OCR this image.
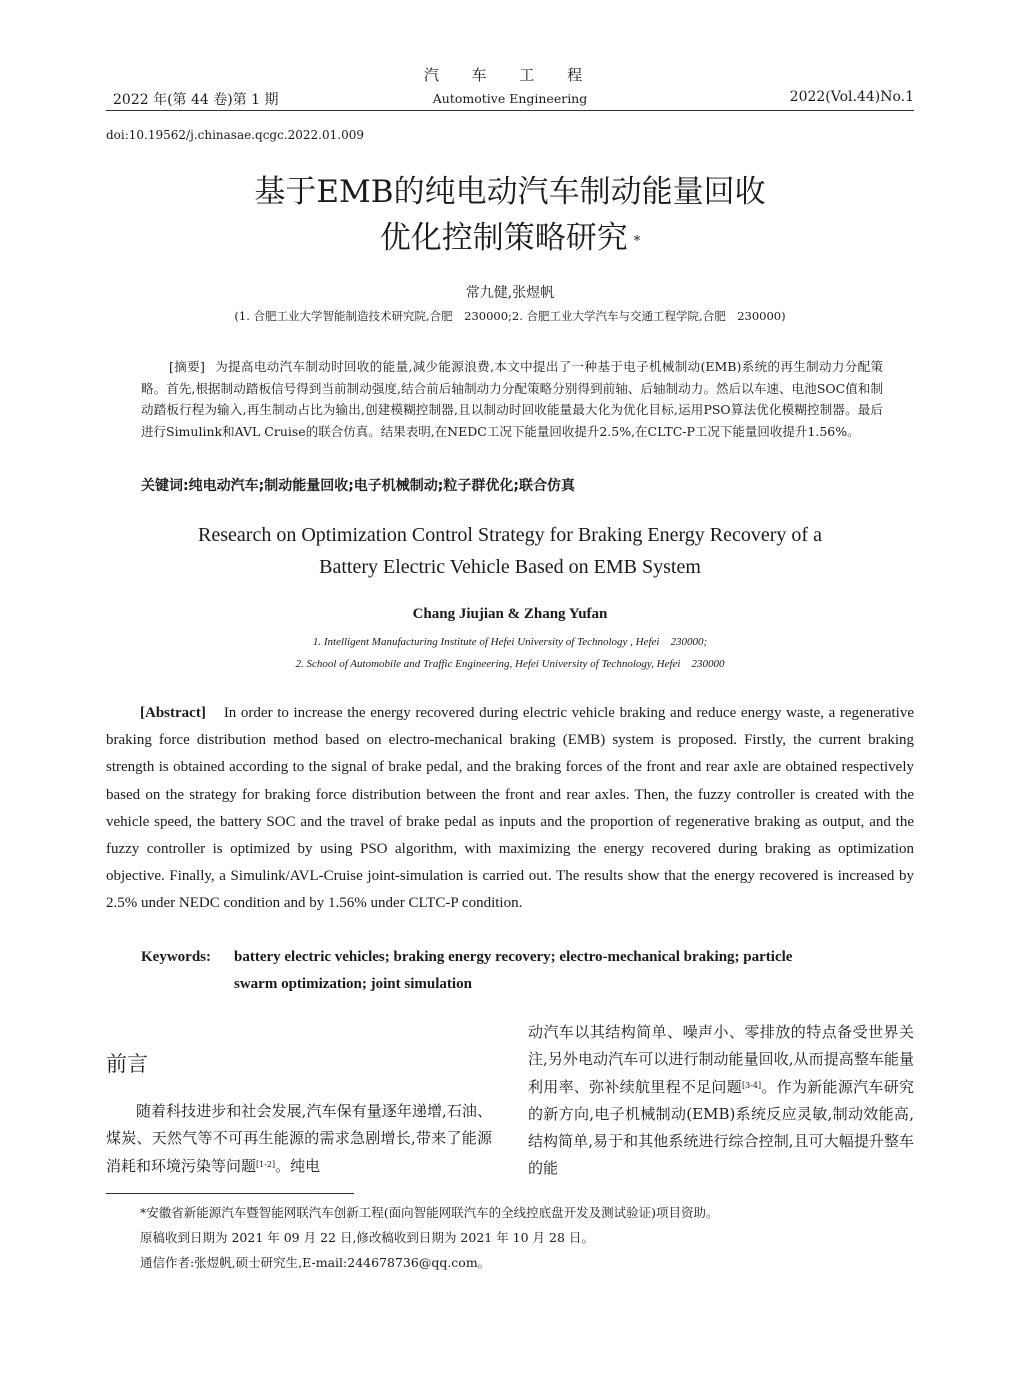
汽 车 工 程
2022 年(第 44 卷)第 1 期	Automotive Engineering	2022(Vol.44)No.1
doi:10.19562/j.chinasae.qcgc.2022.01.009
基于EMB的纯电动汽车制动能量回收
优化控制策略研究 *
常九健,张煜帆
(1. 合肥工业大学智能制造技术研究院,合肥　230000;2. 合肥工业大学汽车与交通工程学院,合肥　230000)
[摘要] 为提高电动汽车制动时回收的能量,减少能源浪费,本文中提出了一种基于电子机械制动(EMB)系统的再生制动力分配策略。首先,根据制动踏板信号得到当前制动强度,结合前后轴制动力分配策略分别得到前轴、后轴制动力。然后以车速、电池SOC值和制动踏板行程为输入,再生制动占比为输出,创建模糊控制器,且以制动时回收能量最大化为优化目标,运用PSO算法优化模糊控制器。最后进行Simulink和AVL Cruise的联合仿真。结果表明,在NEDC工况下能量回收提升2.5%,在CLTC-P工况下能量回收提升1.56%。
关键词:纯电动汽车;制动能量回收;电子机械制动;粒子群优化;联合仿真
Research on Optimization Control Strategy for Braking Energy Recovery of a
Battery Electric Vehicle Based on EMB System
Chang Jiujian & Zhang Yufan
1. Intelligent Manufacturing Institute of Hefei University of Technology , Hefei　230000;
2. School of Automobile and Traffic Engineering, Hefei University of Technology, Hefei　230000
[Abstract] In order to increase the energy recovered during electric vehicle braking and reduce energy waste, a regenerative braking force distribution method based on electro-mechanical braking (EMB) system is proposed. Firstly, the current braking strength is obtained according to the signal of brake pedal, and the braking forces of the front and rear axle are obtained respectively based on the strategy for braking force distribution between the front and rear axles. Then, the fuzzy controller is created with the vehicle speed, the battery SOC and the travel of brake pedal as inputs and the proportion of regenerative braking as output, and the fuzzy controller is optimized by using PSO algorithm, with maximizing the energy recovered during braking as optimization objective. Finally, a Simulink/AVL-Cruise joint-simulation is carried out. The results show that the energy recovered is increased by 2.5% under NEDC condition and by 1.56% under CLTC-P condition.
Keywords: battery electric vehicles; braking energy recovery; electro-mechanical braking; particle
swarm optimization; joint simulation
前言
随着科技进步和社会发展,汽车保有量逐年递增,石油、煤炭、天然气等不可再生能源的需求急剧增长,带来了能源消耗和环境污染等问题[1-2]。纯电
动汽车以其结构简单、噪声小、零排放的特点备受世界关注,另外电动汽车可以进行制动能量回收,从而提高整车能量利用率、弥补续航里程不足问题[3-4]。作为新能源汽车研究的新方向,电子机械制动(EMB)系统反应灵敏,制动效能高,结构简单,易于和其他系统进行综合控制,且可大幅提升整车的能
*安徽省新能源汽车暨智能网联汽车创新工程(面向智能网联汽车的全线控底盘开发及测试验证)项目资助。
原稿收到日期为 2021 年 09 月 22 日,修改稿收到日期为 2021 年 10 月 28 日。
通信作者:张煜帆,硕士研究生,E-mail:244678736@qq.com。
